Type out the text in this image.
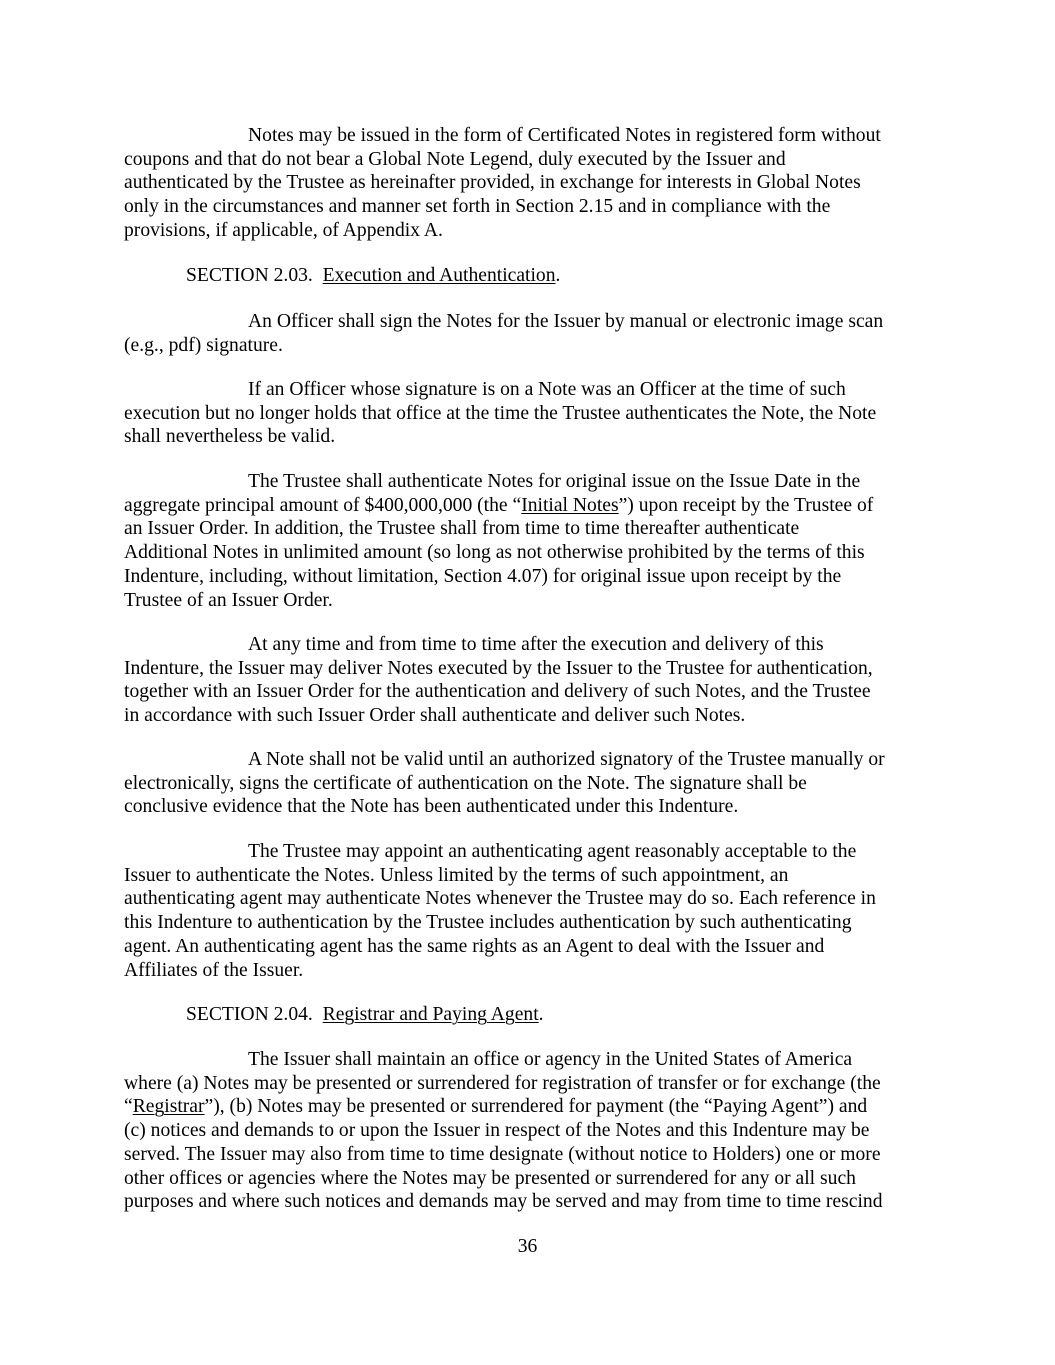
Notes may be issued in the form of Certificated Notes in registered form without
coupons and that do not bear a Global Note Legend, duly executed by the Issuer and
authenticated by the Trustee as hereinafter provided, in exchange for interests in Global Notes
only in the circumstances and manner set forth in Section 2.15 and in compliance with the
provisions, if applicable, of Appendix A.
SECTION 2.03. Execution and Authentication.
An Officer shall sign the Notes for the Issuer by manual or electronic image scan
(e.g., pdf) signature.
If an Officer whose signature is on a Note was an Officer at the time of such
execution but no longer holds that office at the time the Trustee authenticates the Note, the Note
shall nevertheless be valid.
The Trustee shall authenticate Notes for original issue on the Issue Date in the
aggregate principal amount of $400,000,000 (the “Initial Notes”) upon receipt by the Trustee of
an Issuer Order. In addition, the Trustee shall from time to time thereafter authenticate
Additional Notes in unlimited amount (so long as not otherwise prohibited by the terms of this
Indenture, including, without limitation, Section 4.07) for original issue upon receipt by the
Trustee of an Issuer Order.
At any time and from time to time after the execution and delivery of this
Indenture, the Issuer may deliver Notes executed by the Issuer to the Trustee for authentication,
together with an Issuer Order for the authentication and delivery of such Notes, and the Trustee
in accordance with such Issuer Order shall authenticate and deliver such Notes.
A Note shall not be valid until an authorized signatory of the Trustee manually or
electronically, signs the certificate of authentication on the Note. The signature shall be
conclusive evidence that the Note has been authenticated under this Indenture.
The Trustee may appoint an authenticating agent reasonably acceptable to the
Issuer to authenticate the Notes. Unless limited by the terms of such appointment, an
authenticating agent may authenticate Notes whenever the Trustee may do so. Each reference in
this Indenture to authentication by the Trustee includes authentication by such authenticating
agent. An authenticating agent has the same rights as an Agent to deal with the Issuer and
Affiliates of the Issuer.
SECTION 2.04. Registrar and Paying Agent.
The Issuer shall maintain an office or agency in the United States of America
where (a) Notes may be presented or surrendered for registration of transfer or for exchange (the
“Registrar”), (b) Notes may be presented or surrendered for payment (the “Paying Agent”) and
(c) notices and demands to or upon the Issuer in respect of the Notes and this Indenture may be
served. The Issuer may also from time to time designate (without notice to Holders) one or more
other offices or agencies where the Notes may be presented or surrendered for any or all such
purposes and where such notices and demands may be served and may from time to time rescind
36
